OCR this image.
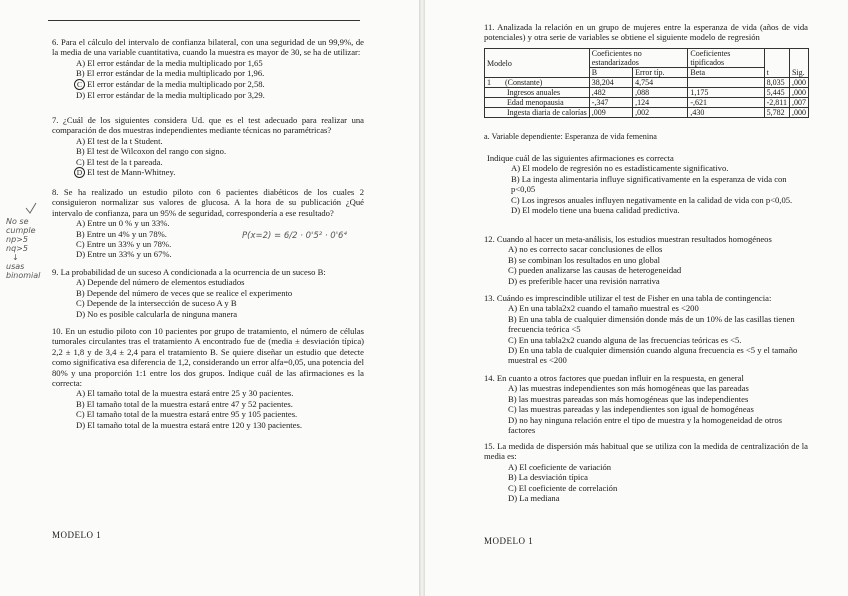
6. Para el cálculo del intervalo de confianza bilateral, con una seguridad de un 99,9%, de la media de una variable cuantitativa, cuando la muestra es mayor de 30, se ha de utilizar:

A) El error estándar de la media multiplicado por 1,65
B) El error estándar de la media multiplicado por 1,96.
C El error estándar de la media multiplicado por 2,58.
D) El error estándar de la media multiplicado por 3,29.

7. ¿Cuál de los siguientes considera Ud. que es el test adecuado para realizar una comparación de dos muestras independientes mediante técnicas no paramétricas?

A) El test de la t Student.
B) El test de Wilcoxon del rango con signo.
C) El test de la t pareada.
D El test de Mann-Whitney.

8. Se ha realizado un estudio piloto con 6 pacientes diabéticos de los cuales 2 consiguieron normalizar sus valores de glucosa. A la hora de su publicación ¿Qué intervalo de confianza, para un 95% de seguridad, correspondería a ese resultado?

A) Entre un 0 % y un 33%.
B) Entre un 4% y un 78%.
C) Entre un 33% y un 78%.
D) Entre un 33% y un 67%.

9. La probabilidad de un suceso A condicionada a la ocurrencia de un suceso B:

A) Depende del número de elementos estudiados
B) Depende del número de veces que se realice el experimento
C) Depende de la intersección de suceso A y B
D) No es posible calcularla de ninguna manera

10. En un estudio piloto con 10 pacientes por grupo de tratamiento, el número de células tumorales circulantes tras el tratamiento A encontrado fue de (media ± desviación típica) 2,2 ± 1,8 y de 3,4 ± 2,4 para el tratamiento B. Se quiere diseñar un estudio que detecte como significativa esa diferencia de 1,2, considerando un error alfa=0,05, una potencia del 80% y una proporción 1:1 entre los dos grupos. Indique cuál de las afirmaciones es la correcta:

A) El tamaño total de la muestra estará entre 25 y 30 pacientes.
B) El tamaño total de la muestra estará entre 47 y 52 pacientes.
C) El tamaño total de la muestra estará entre 95 y 105 pacientes.
D) El tamaño total de la muestra estará entre 120 y 130 pacientes.
No se
cumple
np>5
nq>5
↓
usas
binomial
P(x=2) = 6/2 · 0'5² · 0'6⁴
MODELO 1

11. Analizada la relación en un grupo de mujeres entre la esperanza de vida (años de vida potenciales) y otra serie de variables se obtiene el siguiente modelo de regresión

Modelo	Coeficientes no estandarizados		Coeficientes tipificados		
	B	Error típ.	Beta	t	Sig.
1 (Constante)	38,204	4,754		8,035	,000
Ingresos anuales	,482	,088	1,175	5,445	,000
Edad menopausia	-,347	,124	-,621	-2,811	,007
Ingesta diaria de calorías	,009	,002	,430	5,782	,000
a. Variable dependiente: Esperanza de vida femenina

Indique cuál de las siguientes afirmaciones es correcta

A) El modelo de regresión no es estadísticamente significativo.
B) La ingesta alimentaria influye significativamente en la esperanza de vida con p<0,05
C) Los ingresos anuales influyen negativamente en la calidad de vida con p<0,05.
D) El modelo tiene una buena calidad predictiva.

12. Cuando al hacer un meta-análisis, los estudios muestran resultados homogéneos

A) no es correcto sacar conclusiones de ellos
B) se combinan los resultados en uno global
C) pueden analizarse las causas de heterogeneidad
D) es preferible hacer una revisión narrativa

13. Cuándo es imprescindible utilizar el test de Fisher en una tabla de contingencia:

A) En una tabla2x2 cuando el tamaño muestral es <200
B) En una tabla de cualquier dimensión donde más de un 10% de las casillas tienen frecuencia teórica <5
C) En una tabla2x2 cuando alguna de las frecuencias teóricas es <5.
D) En una tabla de cualquier dimensión cuando alguna frecuencia es <5 y el tamaño muestral es <200

14. En cuanto a otros factores que puedan influir en la respuesta, en general

A) las muestras independientes son más homogéneas que las pareadas
B) las muestras pareadas son más homogéneas que las independientes
C) las muestras pareadas y las independientes son igual de homogéneas
D) no hay ninguna relación entre el tipo de muestra y la homogeneidad de otros factores

15. La medida de dispersión más habitual que se utiliza con la medida de centralización de la media es:

A) El coeficiente de variación
B) La desviación típica
C) El coeficiente de correlación
D) La mediana
MODELO 1
